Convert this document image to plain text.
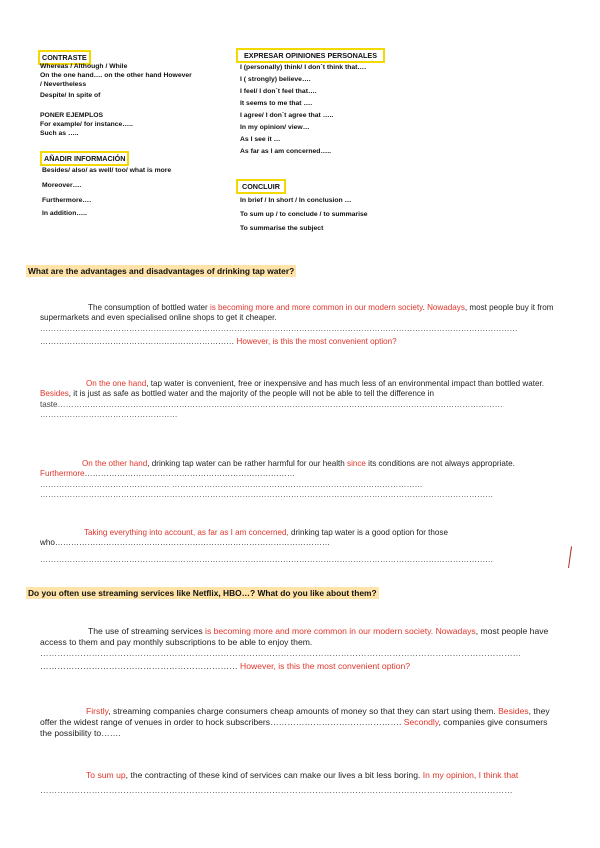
CONTRASTE
Whereas / Although / While
On the one hand…. on the other hand However
/ Nevertheless
Despite/ In spite of
PONER EJEMPLOS
For example/ for instance…..
Such as …..
AÑADIR INFORMACIÓN
Besides/ also/ as well/ too/ what is more
Moreover….
Furthermore….
In addition…..
EXPRESAR OPINIONES PERSONALES
I (personally) think/ I don´t think that….
I ( strongly) believe….
I feel/ I don´t feel that….
It seems to me that ….
I agree/ I don´t agree that …..
In my opinion/ view…
As I see it …
As far as I am concerned…..
CONCLUIR
In brief / In short / In conclusion …
To sum up / to conclude / to summarise
To summarise the subject
What are the advantages and disadvantages of drinking tap water?
The consumption of bottled water is becoming more and more common in our modern society. Nowadays, most people buy it from supermarkets and even specialised online shops to get it cheaper.
……………………………………………………………………………………………………………………………………………………………
……………………………………………………………… However, is this the most convenient option?
On the one hand, tap water is convenient, free or inexpensive and has much less of an environmental impact than bottled water. Besides, it is just as safe as bottled water and the majority of the people will not be able to tell the difference in
taste…………………………………………………………………………………………………………………………………………………
……………………………………………
On the other hand, drinking tap water can be rather harmful for our health since its conditions are not always appropriate. Furthermore……………………………………………………………………
………………………………………… …………………………………………………………………………………
……………………………………………………………………………………………………………………………………………………
Taking everything into account, as far as I am concerned, drinking tap water is a good option for those who…………………………………………………………………………………………
……………………………………………………………………………………………………………………………………………………
Do you often use streaming services like Netflix, HBO…? What do you like about them?
The use of streaming services is becoming more and more common in our modern society. Nowadays, most people have access to them and pay monthly subscriptions to be able to enjoy them.
……………………………………………………………………………………………………………………………………………………
…………………………………………………………… However, is this the most convenient option?
Firstly, streaming companies charge consumers cheap amounts of money so that they can start using them. Besides, they offer the widest range of venues in order to hock subscribers………………………………………. Secondly, companies give consumers the possibility to…….
To sum up, the contracting of these kind of services can make our lives a bit less boring. In my opinion, I think that
…………………………………………………………………………………………………………………………………………………
